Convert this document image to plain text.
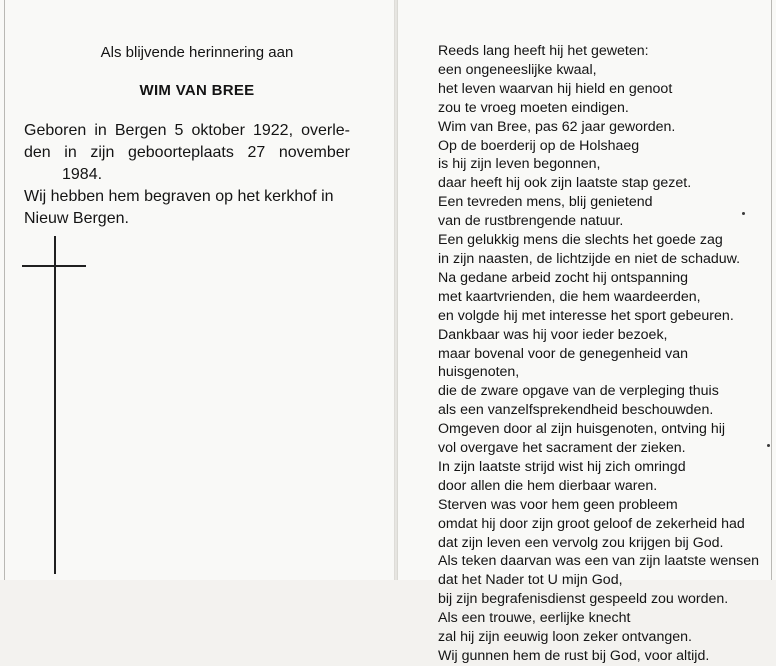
Als blijvende herinnering aan
WIM VAN BREE

Geboren in Bergen 5 oktober 1922, overle-

den in zijn geboorteplaats 27 november

1984.

Wij hebben hem begraven op het kerkhof in

Nieuw Bergen.

Reeds lang heeft hij het geweten:
een ongeneeslijke kwaal,
het leven waarvan hij hield en genoot
zou te vroeg moeten eindigen.
Wim van Bree, pas 62 jaar geworden.
Op de boerderij op de Holshaeg
is hij zijn leven begonnen,
daar heeft hij ook zijn laatste stap gezet.
Een tevreden mens, blij genietend
van de rustbrengende natuur.
Een gelukkig mens die slechts het goede zag
in zijn naasten, de lichtzijde en niet de schaduw.
Na gedane arbeid zocht hij ontspanning
met kaartvrienden, die hem waardeerden,
en volgde hij met interesse het sport gebeuren.
Dankbaar was hij voor ieder bezoek,
maar bovenal voor de genegenheid van
huisgenoten,
die de zware opgave van de verpleging thuis
als een vanzelfsprekendheid beschouwden.
Omgeven door al zijn huisgenoten, ontving hij
vol overgave het sacrament der zieken.
In zijn laatste strijd wist hij zich omringd
door allen die hem dierbaar waren.
Sterven was voor hem geen probleem
omdat hij door zijn groot geloof de zekerheid had
dat zijn leven een vervolg zou krijgen bij God.
Als teken daarvan was een van zijn laatste wensen
dat het Nader tot U mijn God,
bij zijn begrafenisdienst gespeeld zou worden.
Als een trouwe, eerlijke knecht
zal hij zijn eeuwig loon zeker ontvangen.
Wij gunnen hem de rust bij God, voor altijd.
